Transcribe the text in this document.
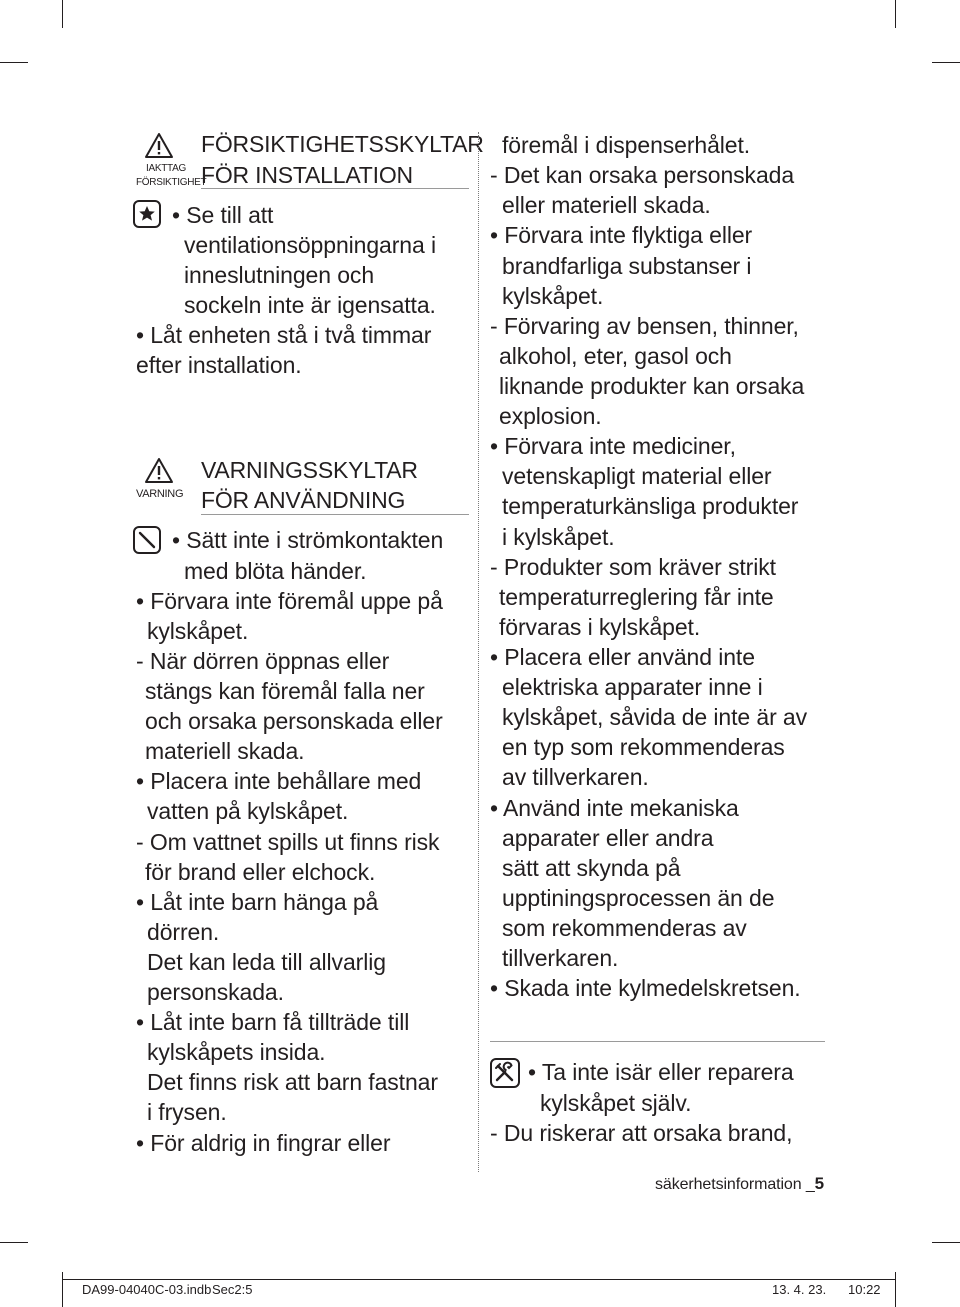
IAKTTAG
FÖRSIKTIGHET
FÖRSIKTIGHETSSKYLTAR
FÖR INSTALLATION
• Se till att
ventilationsöppningarna i
inneslutningen och
sockeln inte är igensatta.
• Låt enheten stå i två timmar
efter installation.
VARNING
VARNINGSSKYLTAR
FÖR ANVÄNDNING
• Sätt inte i strömkontakten
med blöta händer.
• Förvara inte föremål uppe på
kylskåpet.
- När dörren öppnas eller
stängs kan föremål falla ner
och orsaka personskada eller
materiell skada.
• Placera inte behållare med
vatten på kylskåpet.
- Om vattnet spills ut finns risk
för brand eller elchock.
• Låt inte barn hänga på
dörren.
Det kan leda till allvarlig
personskada.
• Låt inte barn få tillträde till
kylskåpets insida.
Det finns risk att barn fastnar
i frysen.
• För aldrig in fingrar eller
föremål i dispenserhålet.
- Det kan orsaka personskada
eller materiell skada.
• Förvara inte flyktiga eller
brandfarliga substanser i
kylskåpet.
- Förvaring av bensen, thinner,
alkohol, eter, gasol och
liknande produkter kan orsaka
explosion.
• Förvara inte mediciner,
vetenskapligt material eller
temperaturkänsliga produkter
i kylskåpet.
- Produkter som kräver strikt
temperaturreglering får inte
förvaras i kylskåpet.
• Placera eller använd inte
elektriska apparater inne i
kylskåpet, såvida de inte är av
en typ som rekommenderas
av tillverkaren.
• Använd inte mekaniska
apparater eller andra
sätt att skynda på
upptiningsprocessen än de
som rekommenderas av
tillverkaren.
• Skada inte kylmedelskretsen.
• Ta inte isär eller reparera
kylskåpet själv.
- Du riskerar att orsaka brand,
säkerhetsinformation _5
DA99-04040C-03.indb Sec2:5	13. 4. 23. 10:22
